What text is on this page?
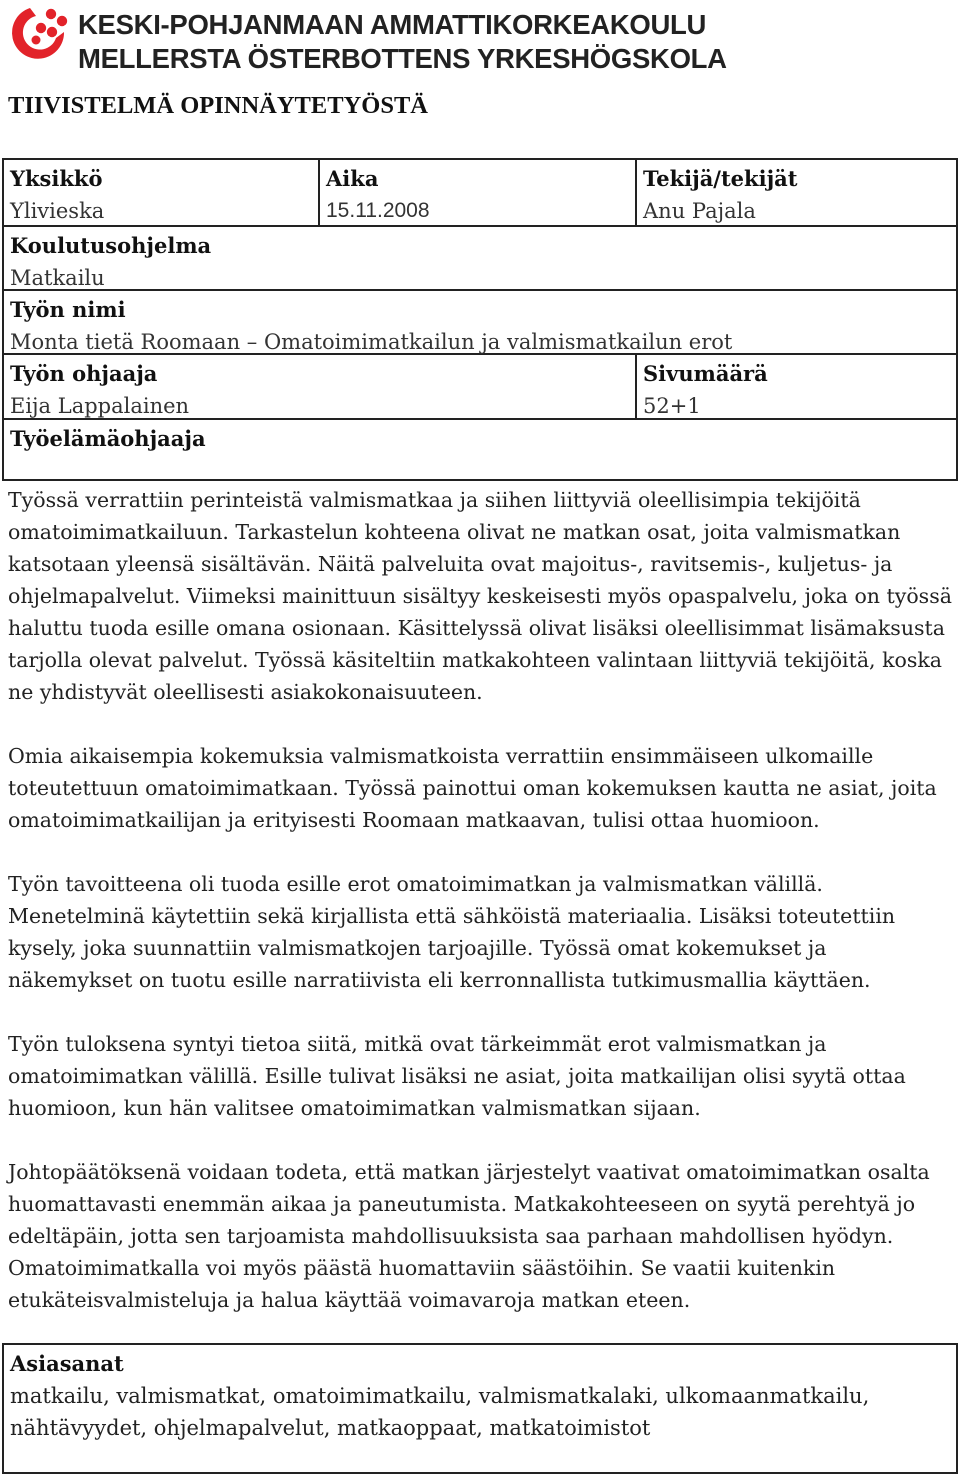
KESKI-POHJANMAAN AMMATTIKORKEAKOULU
MELLERSTA ÖSTERBOTTENS YRKESHÖGSKOLA
TIIVISTELMÄ OPINNÄYTETYÖSTÄ
Yksikkö
Ylivieska
Aika
15.11.2008
Tekijä/tekijät
Anu Pajala
Koulutusohjelma
Matkailu
Työn nimi
Monta tietä Roomaan – Omatoimimatkailun ja valmismatkailun erot
Työn ohjaaja
Eija Lappalainen
Sivumäärä
52+1
Työelämäohjaaja

Työssä verrattiin perinteistä valmismatkaa ja siihen liittyviä oleellisimpia tekijöitä omatoimimatkailuun. Tarkastelun kohteena olivat ne matkan osat, joita valmismatkan katsotaan yleensä sisältävän. Näitä palveluita ovat majoitus-, ravitsemis-, kuljetus- ja ohjelmapalvelut. Viimeksi mainittuun sisältyy keskeisesti myös opaspalvelu, joka on työssä haluttu tuoda esille omana osionaan. Käsittelyssä olivat lisäksi oleellisimmat lisämaksusta tarjolla olevat palvelut. Työssä käsiteltiin matkakohteen valintaan liittyviä tekijöitä, koska ne yhdistyvät oleellisesti asiakokonaisuuteen.

Omia aikaisempia kokemuksia valmismatkoista verrattiin ensimmäiseen ulkomaille toteutettuun omatoimimatkaan. Työssä painottui oman kokemuksen kautta ne asiat, joita omatoimimatkailijan ja erityisesti Roomaan matkaavan, tulisi ottaa huomioon.

Työn tavoitteena oli tuoda esille erot omatoimimatkan ja valmismatkan välillä. Menetelminä käytettiin sekä kirjallista että sähköistä materiaalia. Lisäksi toteutettiin kysely, joka suunnattiin valmismatkojen tarjoajille. Työssä omat kokemukset ja näkemykset on tuotu esille narratiivista eli kerronnallista tutkimusmallia käyttäen.

Työn tuloksena syntyi tietoa siitä, mitkä ovat tärkeimmät erot valmismatkan ja omatoimimatkan välillä. Esille tulivat lisäksi ne asiat, joita matkailijan olisi syytä ottaa huomioon, kun hän valitsee omatoimimatkan valmismatkan sijaan.

Johtopäätöksenä voidaan todeta, että matkan järjestelyt vaativat omatoimimatkan osalta huomattavasti enemmän aikaa ja paneutumista. Matkakohteeseen on syytä perehtyä jo edeltäpäin, jotta sen tarjoamista mahdollisuuksista saa parhaan mahdollisen hyödyn. Omatoimimatkalla voi myös päästä huomattaviin säästöihin. Se vaatii kuitenkin etukäteisvalmisteluja ja halua käyttää voimavaroja matkan eteen.

Asiasanat
matkailu, valmismatkat, omatoimimatkailu, valmismatkalaki, ulkomaanmatkailu, nähtävyydet, ohjelmapalvelut, matkaoppaat, matkatoimistot
